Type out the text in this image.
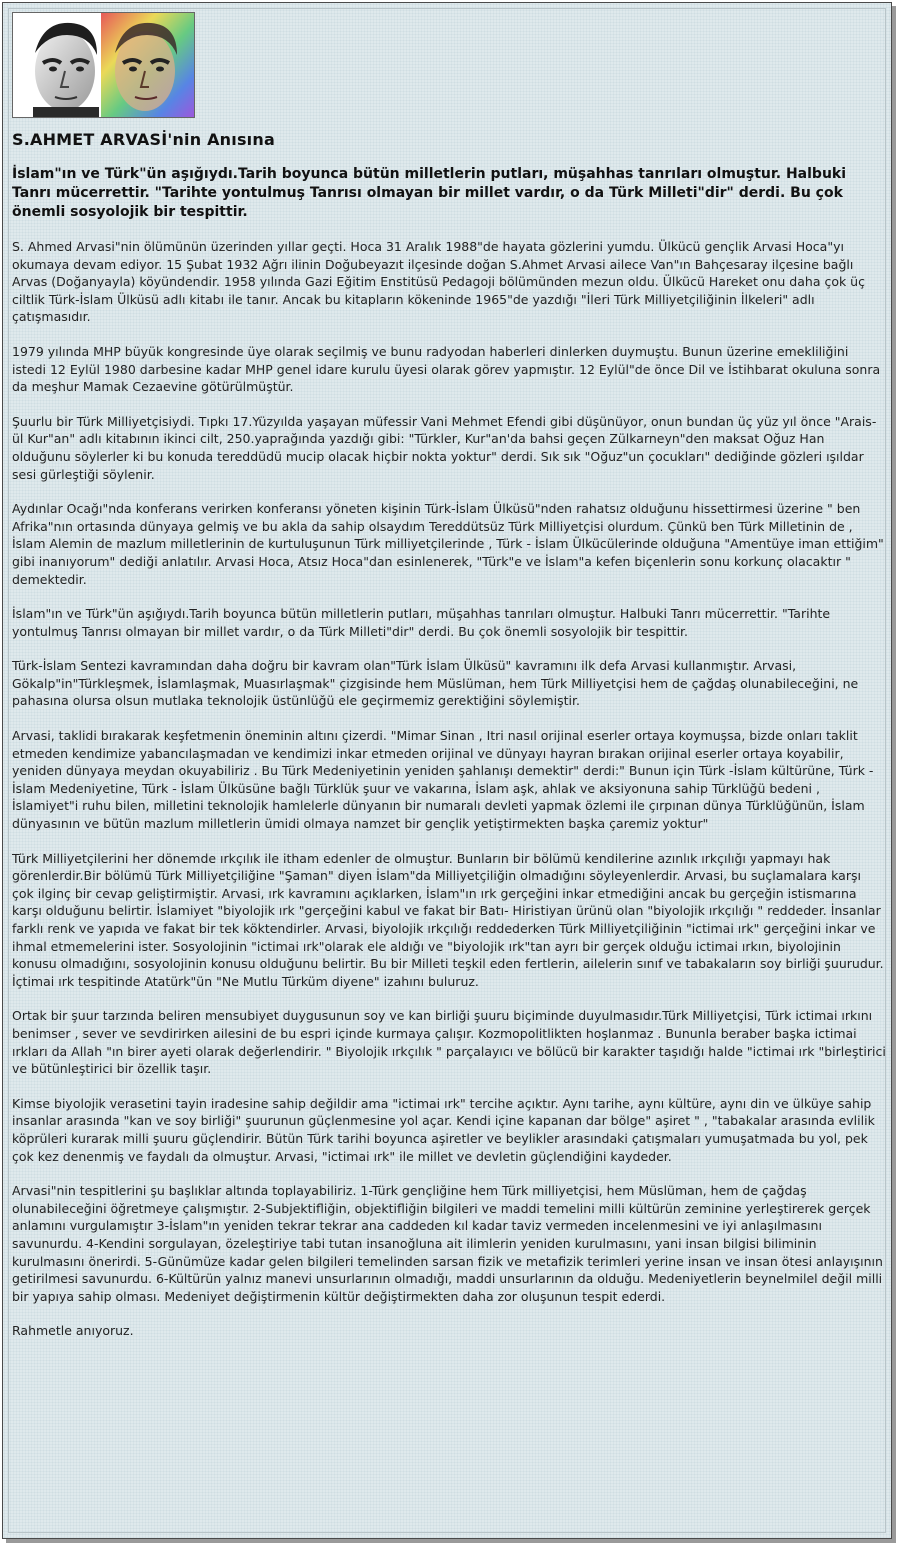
S.AHMET ARVASİ'nin Anısına

İslam"ın ve Türk"ün aşığıydı.Tarih boyunca bütün milletlerin putları, müşahhas tanrıları olmuştur. Halbuki Tanrı mücerrettir. "Tarihte yontulmuş Tanrısı olmayan bir millet vardır, o da Türk Milleti"dir" derdi. Bu çok önemli sosyolojik bir tespittir.

S. Ahmed Arvasi"nin ölümünün üzerinden yıllar geçti. Hoca 31 Aralık 1988"de hayata gözlerini yumdu. Ülkücü gençlik Arvasi Hoca"yı okumaya devam ediyor. 15 Şubat 1932 Ağrı ilinin Doğubeyazıt ilçesinde doğan S.Ahmet Arvasi ailece Van"ın Bahçesaray ilçesine bağlı Arvas (Doğanyayla) köyündendir. 1958 yılında Gazi Eğitim Enstitüsü Pedagoji bölümünden mezun oldu. Ülkücü Hareket onu daha çok üç ciltlik Türk-İslam Ülküsü adlı kitabı ile tanır. Ancak bu kitapların kökeninde 1965"de yazdığı "İleri Türk Milliyetçiliğinin İlkeleri" adlı çatışmasıdır.

1979 yılında MHP büyük kongresinde üye olarak seçilmiş ve bunu radyodan haberleri dinlerken duymuştu. Bunun üzerine emekliliğini istedi 12 Eylül 1980 darbesine kadar MHP genel idare kurulu üyesi olarak görev yapmıştır. 12 Eylül"de önce Dil ve İstihbarat okuluna sonra da meşhur Mamak Cezaevine götürülmüştür.

Şuurlu bir Türk Milliyetçisiydi. Tıpkı 17.Yüzyılda yaşayan müfessir Vani Mehmet Efendi gibi düşünüyor, onun bundan üç yüz yıl önce "Arais-ül Kur"an" adlı kitabının ikinci cilt, 250.yaprağında yazdığı gibi: "Türkler, Kur"an'da bahsi geçen Zülkarneyn"den maksat Oğuz Han olduğunu söylerler ki bu konuda tereddüdü mucip olacak hiçbir nokta yoktur" derdi. Sık sık "Oğuz"un çocukları" dediğinde gözleri ışıldar sesi gürleştiği söylenir.

Aydınlar Ocağı"nda konferans verirken konferansı yöneten kişinin Türk-İslam Ülküsü"nden rahatsız olduğunu hissettirmesi üzerine " ben Afrika"nın ortasında dünyaya gelmiş ve bu akla da sahip olsaydım Tereddütsüz Türk Milliyetçisi olurdum. Çünkü ben Türk Milletinin de , İslam Alemin de mazlum milletlerinin de kurtuluşunun Türk milliyetçilerinde , Türk - İslam Ülkücülerinde olduğuna "Amentüye iman ettiğim" gibi inanıyorum" dediği anlatılır. Arvasi Hoca, Atsız Hoca"dan esinlenerek, "Türk"e ve İslam"a kefen biçenlerin sonu korkunç olacaktır " demektedir.

İslam"ın ve Türk"ün aşığıydı.Tarih boyunca bütün milletlerin putları, müşahhas tanrıları olmuştur. Halbuki Tanrı mücerrettir. "Tarihte yontulmuş Tanrısı olmayan bir millet vardır, o da Türk Milleti"dir" derdi. Bu çok önemli sosyolojik bir tespittir.

Türk-İslam Sentezi kavramından daha doğru bir kavram olan"Türk İslam Ülküsü" kavramını ilk defa Arvasi kullanmıştır. Arvasi, Gökalp"in"Türkleşmek, İslamlaşmak, Muasırlaşmak" çizgisinde hem Müslüman, hem Türk Milliyetçisi hem de çağdaş olunabileceğini, ne pahasına olursa olsun mutlaka teknolojik üstünlüğü ele geçirmemiz gerektiğini söylemiştir.

Arvasi, taklidi bırakarak keşfetmenin öneminin altını çizerdi. "Mimar Sinan , Itri nasıl orijinal eserler ortaya koymuşsa, bizde onları taklit etmeden kendimize yabancılaşmadan ve kendimizi inkar etmeden orijinal ve dünyayı hayran bırakan orijinal eserler ortaya koyabilir, yeniden dünyaya meydan okuyabiliriz . Bu Türk Medeniyetinin yeniden şahlanışı demektir" derdi:" Bunun için Türk -İslam kültürüne, Türk - İslam Medeniyetine, Türk - İslam Ülküsüne bağlı Türklük şuur ve vakarına, İslam aşk, ahlak ve aksiyonuna sahip Türklüğü bedeni , İslamiyet"i ruhu bilen, milletini teknolojik hamlelerle dünyanın bir numaralı devleti yapmak özlemi ile çırpınan dünya Türklüğünün, İslam dünyasının ve bütün mazlum milletlerin ümidi olmaya namzet bir gençlik yetiştirmekten başka çaremiz yoktur"

Türk Milliyetçilerini her dönemde ırkçılık ile itham edenler de olmuştur. Bunların bir bölümü kendilerine azınlık ırkçılığı yapmayı hak görenlerdir.Bir bölümü Türk Milliyetçiliğine "Şaman" diyen İslam"da Milliyetçiliğin olmadığını söyleyenlerdir. Arvasi, bu suçlamalara karşı çok ilginç bir cevap geliştirmiştir. Arvasi, ırk kavramını açıklarken, İslam"ın ırk gerçeğini inkar etmediğini ancak bu gerçeğin istismarına karşı olduğunu belirtir. İslamiyet "biyolojik ırk "gerçeğini kabul ve fakat bir Batı- Hiristiyan ürünü olan "biyolojik ırkçılığı " reddeder. İnsanlar farklı renk ve yapıda ve fakat bir tek köktendirler. Arvasi, biyolojik ırkçılığı reddederken Türk Milliyetçiliğinin "ictimai ırk" gerçeğini inkar ve ihmal etmemelerini ister. Sosyolojinin "ictimai ırk"olarak ele aldığı ve "biyolojik ırk"tan ayrı bir gerçek olduğu ictimai ırkın, biyolojinin konusu olmadığını, sosyolojinin konusu olduğunu belirtir. Bu bir Milleti teşkil eden fertlerin, ailelerin sınıf ve tabakaların soy birliği şuurudur. İçtimai ırk tespitinde Atatürk"ün "Ne Mutlu Türküm diyene" izahını buluruz.

Ortak bir şuur tarzında beliren mensubiyet duygusunun soy ve kan birliği şuuru biçiminde duyulmasıdır.Türk Milliyetçisi, Türk ictimai ırkını benimser , sever ve sevdirirken ailesini de bu espri içinde kurmaya çalışır. Kozmopolitlikten hoşlanmaz . Bununla beraber başka ictimai ırkları da Allah "ın birer ayeti olarak değerlendirir. " Biyolojik ırkçılık " parçalayıcı ve bölücü bir karakter taşıdığı halde "ictimai ırk "birleştirici ve bütünleştirici bir özellik taşır.

Kimse biyolojik verasetini tayin iradesine sahip değildir ama "ictimai ırk" tercihe açıktır. Aynı tarihe, aynı kültüre, aynı din ve ülküye sahip insanlar arasında "kan ve soy birliği" şuurunun güçlenmesine yol açar. Kendi içine kapanan dar bölge" aşiret " , "tabakalar arasında evlilik köprüleri kurarak milli şuuru güçlendirir. Bütün Türk tarihi boyunca aşiretler ve beylikler arasındaki çatışmaları yumuşatmada bu yol, pek çok kez denenmiş ve faydalı da olmuştur. Arvasi, "ictimai ırk" ile millet ve devletin güçlendiğini kaydeder.

Arvasi"nin tespitlerini şu başlıklar altında toplayabiliriz. 1-Türk gençliğine hem Türk milliyetçisi, hem Müslüman, hem de çağdaş olunabileceğini öğretmeye çalışmıştır. 2-Subjektifliğin, objektifliğin bilgileri ve maddi temelini milli kültürün zeminine yerleştirerek gerçek anlamını vurgulamıştır 3-İslam"ın yeniden tekrar tekrar ana caddeden kıl kadar taviz vermeden incelenmesini ve iyi anlaşılmasını savunurdu. 4-Kendini sorgulayan, özeleştiriye tabi tutan insanoğluna ait ilimlerin yeniden kurulmasını, yani insan bilgisi biliminin kurulmasını önerirdi. 5-Günümüze kadar gelen bilgileri temelinden sarsan fizik ve metafizik terimleri yerine insan ve insan ötesi anlayışının getirilmesi savunurdu. 6-Kültürün yalnız manevi unsurlarının olmadığı, maddi unsurlarının da olduğu. Medeniyetlerin beynelmilel değil milli bir yapıya sahip olması. Medeniyet değiştirmenin kültür değiştirmekten daha zor oluşunun tespit ederdi.

Rahmetle anıyoruz.
